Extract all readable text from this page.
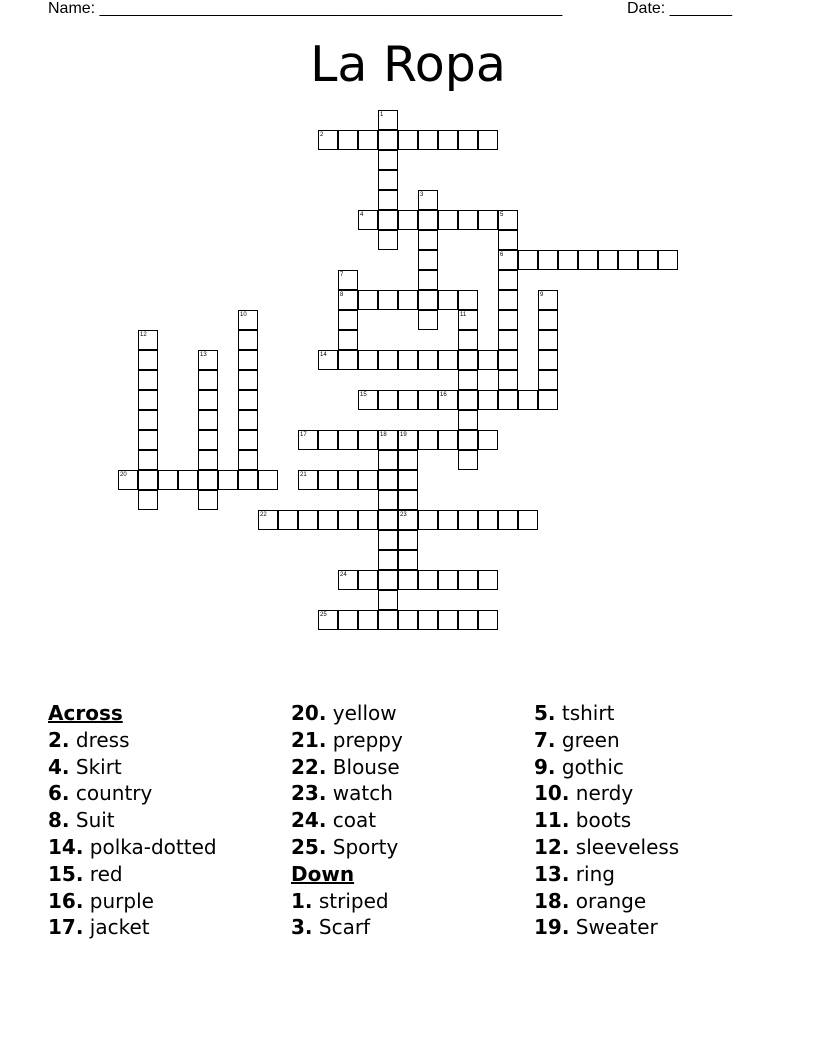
Name: ____________________________________________________	Date: _______
La Ropa
1
2
3
4	5
6
7
8	9
10	11
12
13	14
15	16
17	18 19
23
20	21
22
24
25
Across
2. dress
4. Skirt
6. country
8. Suit
14. polka-dotted
15. red
16. purple
17. jacket
20. yellow
21. preppy
22. Blouse
23. watch
24. coat
25. Sporty
Down
1. striped
3. Scarf
5. tshirt
7. green
9. gothic
10. nerdy
11. boots
12. sleeveless
13. ring
18. orange
19. Sweater
